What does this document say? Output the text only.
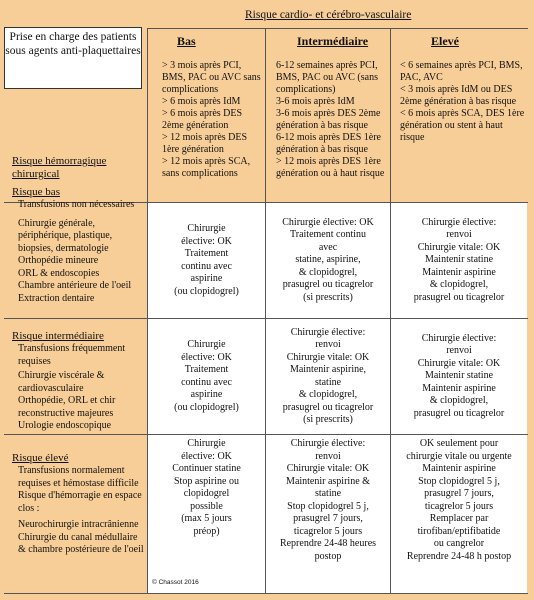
Prise en charge des patients sous agents anti-plaquettaires
Risque cardio- et cérébro-vasculaire
Bas	Intermédiaire	Elevé
> 3 mois après PCI, BMS, PAC ou AVC sans complications
> 6 mois après IdM
> 6 mois après DES 2ème génération
> 12 mois après DES 1ère génération
> 12 mois après SCA, sans complications
6-12 semaines après PCI, BMS, PAC ou AVC (sans complications)
3-6 mois après IdM
3-6 mois après DES 2ème génération à bas risque
6-12 mois après DES 1ère génération à bas risque
> 12 mois après DES 1ère génération ou à haut risque
< 6 semaines après PCI, BMS, PAC, AVC
< 3 mois après IdM ou DES 2ème génération à bas risque
< 6 mois après SCA, DES 1ère génération ou stent à haut risque
Risque hémorragique chirurgical
Risque bas
Transfusions non nécessaires
Chirurgie générale, périphérique, plastique, biopsies, dermatologie
Orthopédie mineure
ORL & endoscopies
Chambre antérieure de l'oeil
Extraction dentaire
Risque intermédiaire
Transfusions fréquemment requises
Chirurgie viscérale & cardiovasculaire
Orthopédie, ORL et chir reconstructive majeures
Urologie endoscopique
Risque élevé
Transfusions normalement requises et hémostase difficile
Risque d'hémorragie en espace clos :
Neurochirurgie intracrânienne
Chirurgie du canal médullaire & chambre postérieure de l'oeil
Chirurgie
élective: OK
Traitement
continu avec
aspirine
(ou clopidogrel)
Chirurgie élective: OK
Traitement continu
avec
statine, aspirine,
& clopidogrel,
prasugrel ou ticagrelor
(si prescrits)
Chirurgie élective:
renvoi
Chirurgie vitale: OK
Maintenir statine
Maintenir aspirine
& clopidogrel,
prasugrel ou ticagrelor
Chirurgie
élective: OK
Traitement
continu avec
aspirine
(ou clopidogrel)
Chirurgie élective:
renvoi
Chirurgie vitale: OK
Maintenir aspirine,
statine
& clopidogrel,
prasugrel ou ticagrelor
(si prescrits)
Chirurgie élective:
renvoi
Chirurgie vitale: OK
Maintenir statine
Maintenir aspirine
& clopidogrel,
prasugrel ou ticagrelor
Chirurgie
élective: OK
Continuer statine
Stop aspirine ou
clopidogrel
possible
(max 5 jours
préop)
Chirurgie élective:
renvoi
Chirurgie vitale: OK
Maintenir aspirine &
statine
Stop clopidogrel 5 j,
prasugrel 7 jours,
ticagrelor 5 jours
Reprendre 24-48 heures
postop
OK seulement pour
chirurgie vitale ou urgente
Maintenir aspirine
Stop clopidogrel 5 j,
prasugrel 7 jours,
ticagrelor 5 jours
Remplacer par
tirofiban/eptifibatide
ou cangrelor
Reprendre 24-48 h postop
© Chassot 2016
